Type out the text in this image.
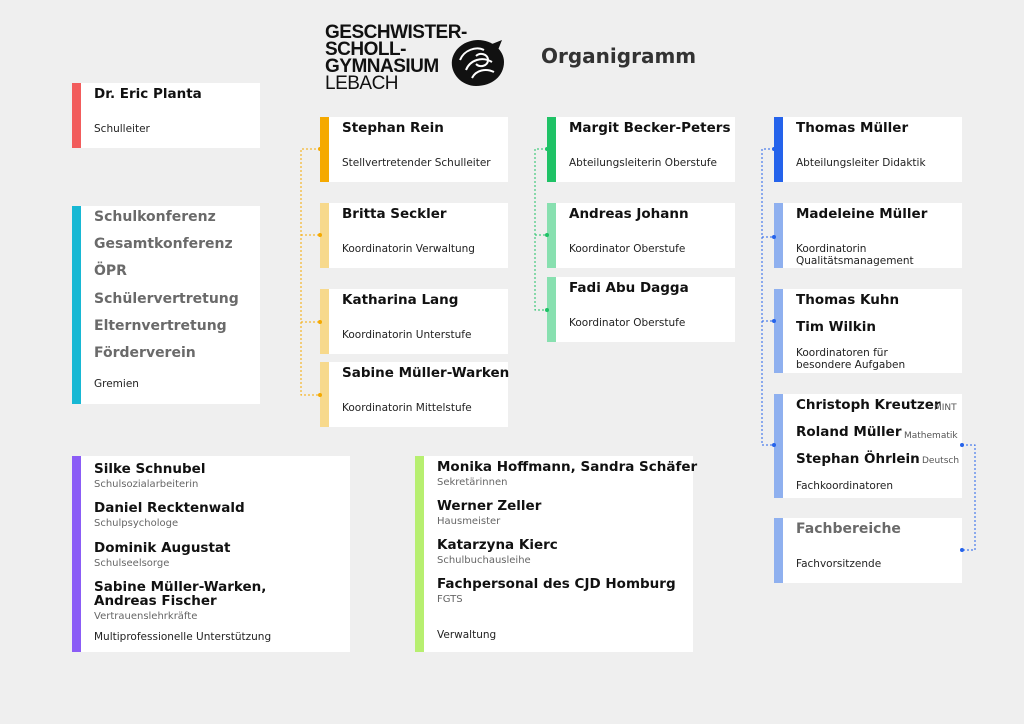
GESCHWISTER-
SCHOLL-
GYMNASIUM
LEBACH
Organigramm
Dr. Eric Planta
Schulleiter
Schulkonferenz
Gesamtkonferenz
ÖPR
Schülervertretung
Elternvertretung
Förderverein
Gremien
Stephan Rein
Stellvertretender Schulleiter
Britta Seckler
Koordinatorin Verwaltung
Katharina Lang
Koordinatorin Unterstufe
Sabine Müller-Warken
Koordinatorin Mittelstufe
Margit Becker-Peters
Abteilungsleiterin Oberstufe
Andreas Johann
Koordinator Oberstufe
Fadi Abu Dagga
Koordinator Oberstufe
Thomas Müller
Abteilungsleiter Didaktik
Madeleine Müller
Koordinatorin
Qualitätsmanagement
Thomas Kuhn
Tim Wilkin
Koordinatoren für
besondere Aufgaben
Christoph Kreutzer
MINT
Roland Müller Mathematik
Stephan Öhrlein Deutsch
Fachkoordinatoren
Fachbereiche
Fachvorsitzende
Silke Schnubel
Schulsozialarbeiterin
Daniel Recktenwald
Schulpsychologe
Dominik Augustat
Schulseelsorge
Sabine Müller-Warken,
Andreas Fischer
Vertrauenslehrkräfte
Multiprofessionelle Unterstützung
Monika Hoffmann, Sandra Schäfer
Sekretärinnen
Werner Zeller
Hausmeister
Katarzyna Kierc
Schulbuchausleihe
Fachpersonal des CJD Homburg
FGTS
Verwaltung
